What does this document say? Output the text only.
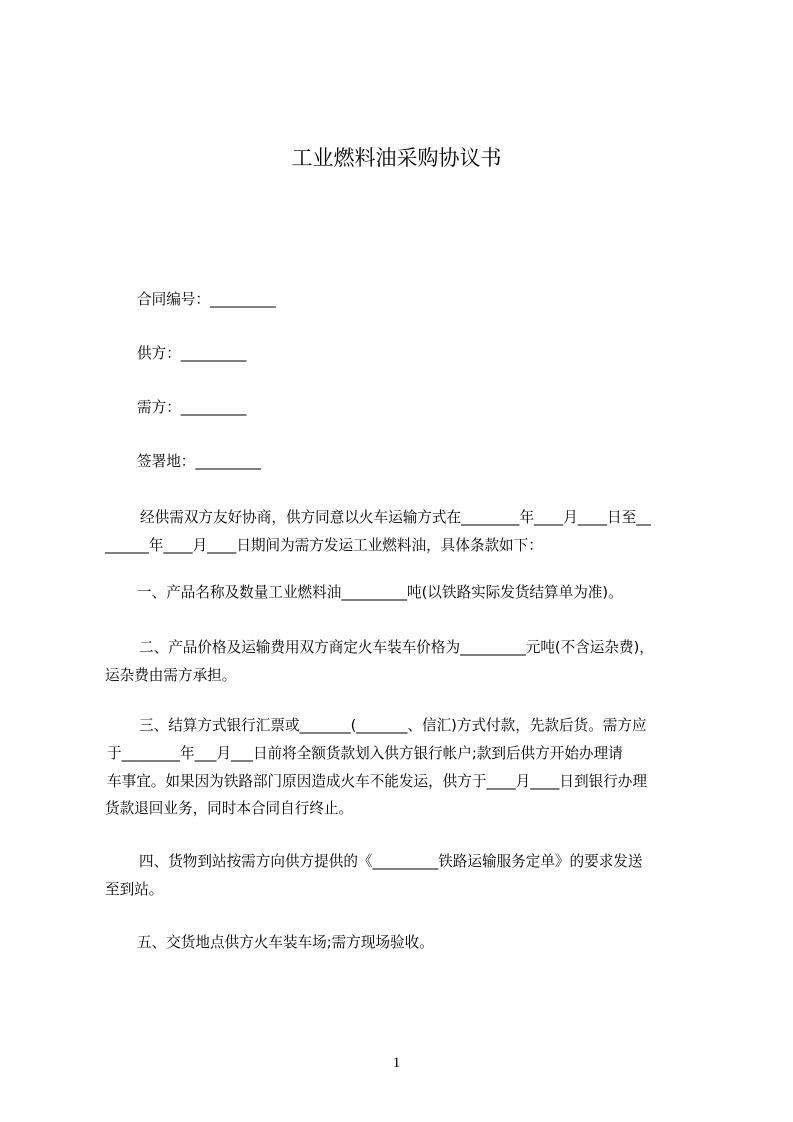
工业燃料油采购协议书
合同编号：_________
供方：_________
需方：_________
签署地：_________
经供需双方友好协商，供方同意以火车运输方式在________年____月____日至__
______年____月____日期间为需方发运工业燃料油，具体条款如下：
一、产品名称及数量工业燃料油_________吨(以铁路实际发货结算单为准)。
二、产品价格及运输费用双方商定火车装车价格为_________元吨(不含运杂费)，
运杂费由需方承担。
三、结算方式银行汇票或_______(_______、信汇)方式付款，先款后货。需方应
于________年___月___日前将全额货款划入供方银行帐户;款到后供方开始办理请
车事宜。如果因为铁路部门原因造成火车不能发运，供方于____月____日到银行办理
货款退回业务，同时本合同自行终止。
四、货物到站按需方向供方提供的《_________铁路运输服务定单》的要求发送
至到站。
五、交货地点供方火车装车场;需方现场验收。
1
